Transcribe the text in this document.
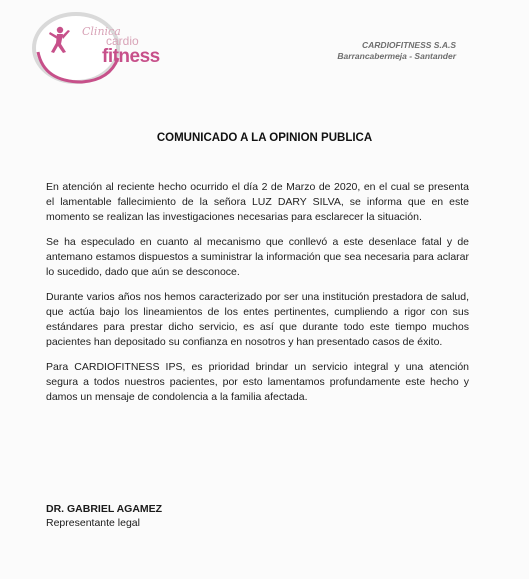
Clinica
cardio
fitness
CARDIOFITNESS S.A.S
Barrancabermeja - Santander
COMUNICADO A LA OPINION PUBLICA

En atención al reciente hecho ocurrido el día 2 de Marzo de 2020, en el cual se presenta el lamentable fallecimiento de la señora LUZ DARY SILVA, se informa que en este momento se realizan las investigaciones necesarias para esclarecer la situación.

Se ha especulado en cuanto al mecanismo que conllevó a este desenlace fatal y de antemano estamos dispuestos a suministrar la información que sea necesaria para aclarar lo sucedido, dado que aún se desconoce.

Durante varios años nos hemos caracterizado por ser una institución prestadora de salud, que actúa bajo los lineamientos de los entes pertinentes, cumpliendo a rigor con sus estándares para prestar dicho servicio, es así que durante todo este tiempo muchos pacientes han depositado su confianza en nosotros y han presentado casos de éxito.

Para CARDIOFITNESS IPS, es prioridad brindar un servicio integral y una atención segura a todos nuestros pacientes, por esto lamentamos profundamente este hecho y damos un mensaje de condolencia a la familia afectada.

DR. GABRIEL AGAMEZ
Representante legal
